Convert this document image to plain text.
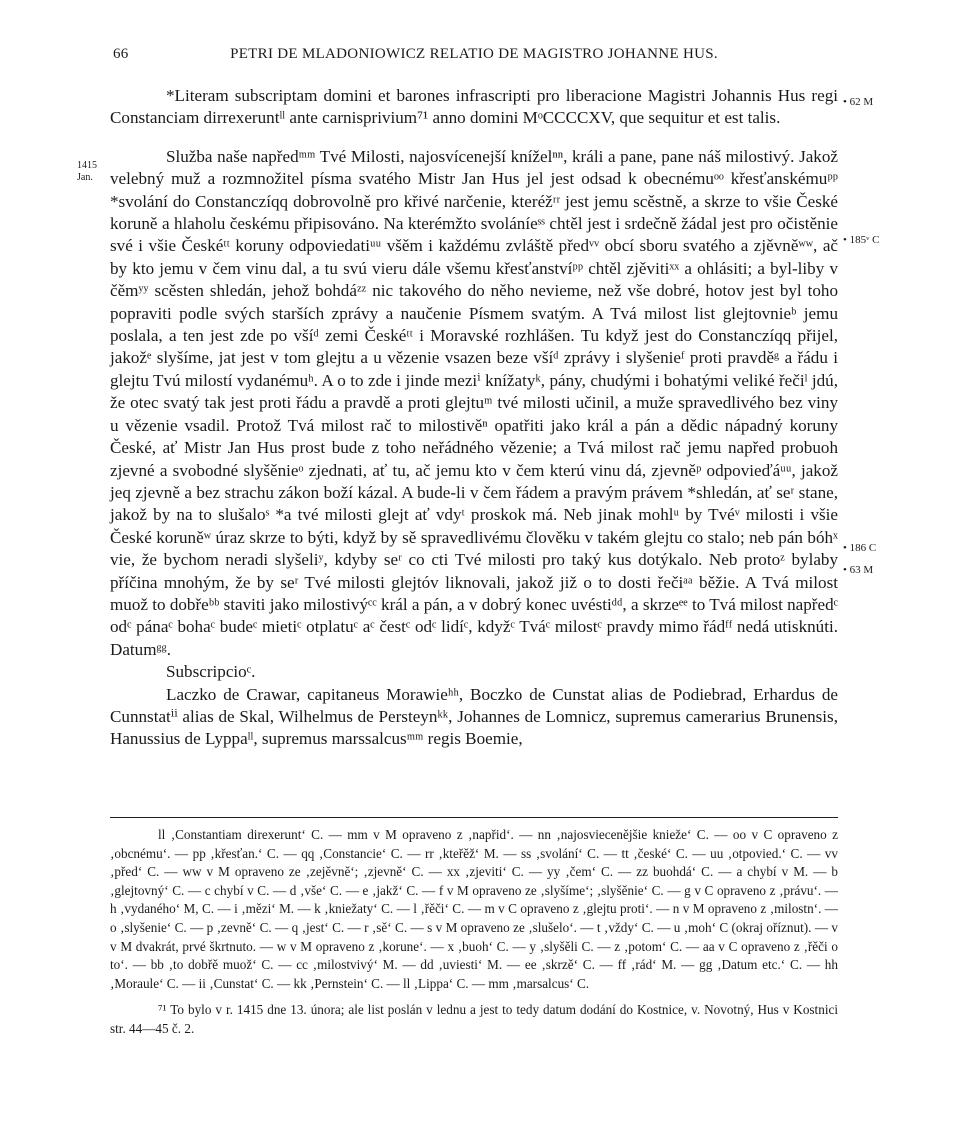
66	PETRI DE MLADONIOWICZ RELATIO DE MAGISTRO JOHANNE HUS.
• 62 M
1415
Jan.
• 185ᵛ C
• 186 C
• 63 M

*Literam subscriptam domini et barones infrascripti pro liberacione Magistri Johannis Hus regi Constanciam dirrexeruntˡˡ ante carnisprivium⁷¹ anno domini MᵒCCCCXV, que sequitur et est talis.

Služba naše napředᵐᵐ Tvé Milosti, najosvícenejší kníželⁿⁿ, králi a pane, pane náš milostivý. Jakož velebný muž a rozmnožitel písma svatého Mistr Jan Hus jel jest odsad k obecnémuᵒᵒ křesťanskémuᵖᵖ *svolání do Constanczíqq dobrovolně pro křivé narčenie, kteréžʳʳ jest jemu scěstně, a skrze to všie České koruně a hlaholu českému připisováno. Na kterémžto svoláníeˢˢ chtěl jest i srdečně žádal jest pro očistěnie své i všie Českéᵗᵗ koruny odpoviedatiᵘᵘ všěm i každému zvláště předᵛᵛ obcí sboru svatého a zjěvněʷʷ, ač by kto jemu v čem vinu dal, a tu svú vieru dále všemu křesťanstvíᵖᵖ chtěl zjěvitiˣˣ a ohlásiti; a byl-liby v čěmʸʸ scěsten shledán, jehož bohdáᶻᶻ nic takového do něho nevieme, než vše dobré, hotov jest byl toho popraviti podle svých starších zprávy a naučenie Písmem svatým. A Tvá milost list glejtovnieᵇ jemu poslala, a ten jest zde po všíᵈ zemi Českéᵗᵗ i Moravské rozhlášen. Tu když jest do Constanczíqq přijel, jakožᵉ slyšíme, jat jest v tom glejtu a u vězenie vsazen beze všíᵈ zprávy i slyšenieᶠ proti pravděᵍ a řádu i glejtu Tvú milostí vydanémuʰ. A o to zde i jinde meziⁱ knížatyᵏ, pány, chudými i bohatými veliké řečiˡ jdú, že otec svatý tak jest proti řádu a pravdě a proti glejtuᵐ tvé milosti učinil, a muže spravedlivého bez viny u vězenie vsadil. Protož Tvá milost rač to milostivěⁿ opatřiti jako král a pán a dědic nápadný koruny České, ať Mistr Jan Hus prost bude z toho neřádného vězenie; a Tvá milost rač jemu napřed probuoh zjevné a svobodné slyšěnieᵒ zjednati, ať tu, ač jemu kto v čem kterú vinu dá, zjevněᵖ odpovieďáᵘᵘ, jakož jeq zjevně a bez strachu zákon boží kázal. A bude-li v čem řádem a pravým právem *shledán, ať seʳ stane, jakož by na to slušaloˢ *a tvé milosti glejt ať vdyᵗ proskok má. Neb jinak mohlᵘ by Tvéᵛ milosti i všie České koruněʷ úraz skrze to býti, když by sě spravedlivému člověku v takém glejtu co stalo; neb pán bóhˣ vie, že bychom neradi slyšeliʸ, kdyby seʳ co cti Tvé milosti pro taký kus dotýkalo. Neb protoᶻ bylaby příčina mnohým, že by seʳ Tvé milosti glejtóv liknovali, jakož již o to dosti řečiᵃᵃ běžie. A Tvá milost muož to dobřeᵇᵇ staviti jako milostivýᶜᶜ král a pán, a v dobrý konec uvéstiᵈᵈ, a skrzeᵉᵉ to Tvá milost napředᶜ odᶜ pánaᶜ bohaᶜ budeᶜ mietiᶜ otplatuᶜ aᶜ čestᶜ odᶜ lidíᶜ, kdyžᶜ Tváᶜ milostᶜ pravdy mimo řádᶠᶠ nedá utisknúti. Datumᵍᵍ.

Subscripcioᶜ.

Laczko de Crawar, capitaneus Morawieʰʰ, Boczko de Cunstat alias de Podiebrad, Erhardus de Cunnstatⁱⁱ alias de Skal, Wilhelmus de Persteynᵏᵏ, Johannes de Lomnicz, supremus camerarius Brunensis, Hanussius de Lyppaˡˡ, supremus marssalcusᵐᵐ regis Boemie,

ll ‚Constantiam direxerunt‘ C. — mm v M opraveno z ‚napřid‘. — nn ‚najosviecenějšie knieže‘ C. — oo v C opraveno z ‚obcnému‘. — pp ‚křesťan.‘ C. — qq ‚Constancie‘ C. — rr ‚kteřěž‘ M. — ss ‚svolání‘ C. — tt ‚české‘ C. — uu ‚otpovied.‘ C. — vv ‚před‘ C. — ww v M opraveno ze ‚zejěvně‘; ‚zjevně‘ C. — xx ‚zjeviti‘ C. — yy ‚čem‘ C. — zz buohdá‘ C. — a chybí v M. — b ‚glejtovný‘ C. — c chybí v C. — d ‚vše‘ C. — e ‚jakž‘ C. — f v M opraveno ze ‚slyšíme‘; ‚slyšěnie‘ C. — g v C opraveno z ‚právu‘. — h ‚vydaného‘ M, C. — i ‚mězi‘ M. — k ‚kniežaty‘ C. — l ‚řěči‘ C. — m v C opraveno z ‚glejtu proti‘. — n v M opraveno z ‚milostn‘. — o ‚slyšenie‘ C. — p ‚zevně‘ C. — q ‚jest‘ C. — r ‚sě‘ C. — s v M opraveno ze ‚slušelo‘. — t ‚vždy‘ C. — u ‚moh‘ C (okraj oříznut). — v v M dvakrát, prvé škrtnuto. — w v M opraveno z ‚korune‘. — x ‚buoh‘ C. — y ‚slyšěli C. — z ‚potom‘ C. — aa v C opraveno z ‚řěči o to‘. — bb ‚to dobřě muož‘ C. — cc ‚milostvivý‘ M. — dd ‚uviesti‘ M. — ee ‚skrzě‘ C. — ff ‚rád‘ M. — gg ‚Datum etc.‘ C. — hh ‚Moraule‘ C. — ii ‚Cunstat‘ C. — kk ‚Pernstein‘ C. — ll ‚Lippa‘ C. — mm ‚marsalcus‘ C.

⁷¹ To bylo v r. 1415 dne 13. února; ale list poslán v lednu a jest to tedy datum dodání do Kostnice, v. Novotný, Hus v Kostnici str. 44—45 č. 2.
